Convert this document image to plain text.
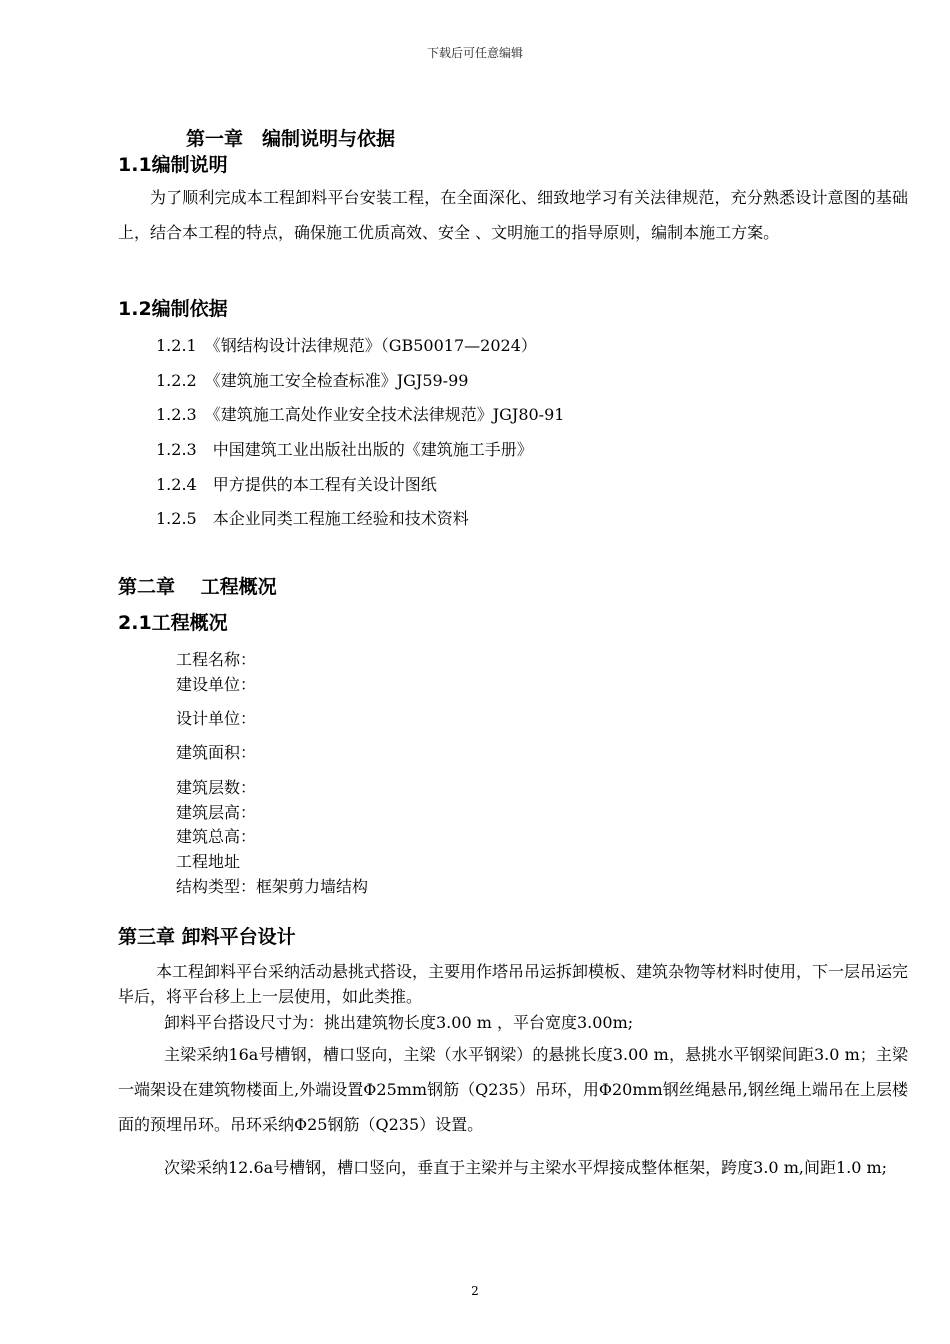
下载后可任意编辑
第一章　编制说明与依据
1.1编制说明
为了顺利完成本工程卸料平台安装工程，在全面深化、细致地学习有关法律规范，充分熟悉设计意图的基础上，结合本工程的特点，确保施工优质高效、安全 、文明施工的指导原则，编制本施工方案。
1.2编制依据
1.2.1　《钢结构设计法律规范》（GB50017—2024）
1.2.2　《建筑施工安全检查标准》JGJ59-99
1.2.3　《建筑施工高处作业安全技术法律规范》JGJ80-91
1.2.3　中国建筑工业出版社出版的《建筑施工手册》
1.2.4　甲方提供的本工程有关设计图纸
1.2.5　本企业同类工程施工经验和技术资料
第二章　 工程概况
2.1工程概况
工程名称：
建设单位：
设计单位：
建筑面积：
建筑层数：
建筑层高：
建筑总高：
工程地址
结构类型：框架剪力墙结构
第三章 卸料平台设计
本工程卸料平台采纳活动悬挑式搭设，主要用作塔吊吊运拆卸模板、建筑杂物等材料时使用，下一层吊运完毕后，将平台移上上一层使用，如此类推。
卸料平台搭设尺寸为：挑出建筑物长度3.00 m ，平台宽度3.00m;
主梁采纳16a号槽钢，槽口竖向，主梁（水平钢梁）的悬挑长度3.00 m，悬挑水平钢梁间距3.0 m；主梁一端架设在建筑物楼面上,外端设置Φ25mm钢筋（Q235）吊环，用Φ20mm钢丝绳悬吊,钢丝绳上端吊在上层楼面的预埋吊环。吊环采纳Φ25钢筋（Q235）设置。
次梁采纳12.6a号槽钢，槽口竖向，垂直于主梁并与主梁水平焊接成整体框架，跨度3.0 m,间距1.0 m;
2
